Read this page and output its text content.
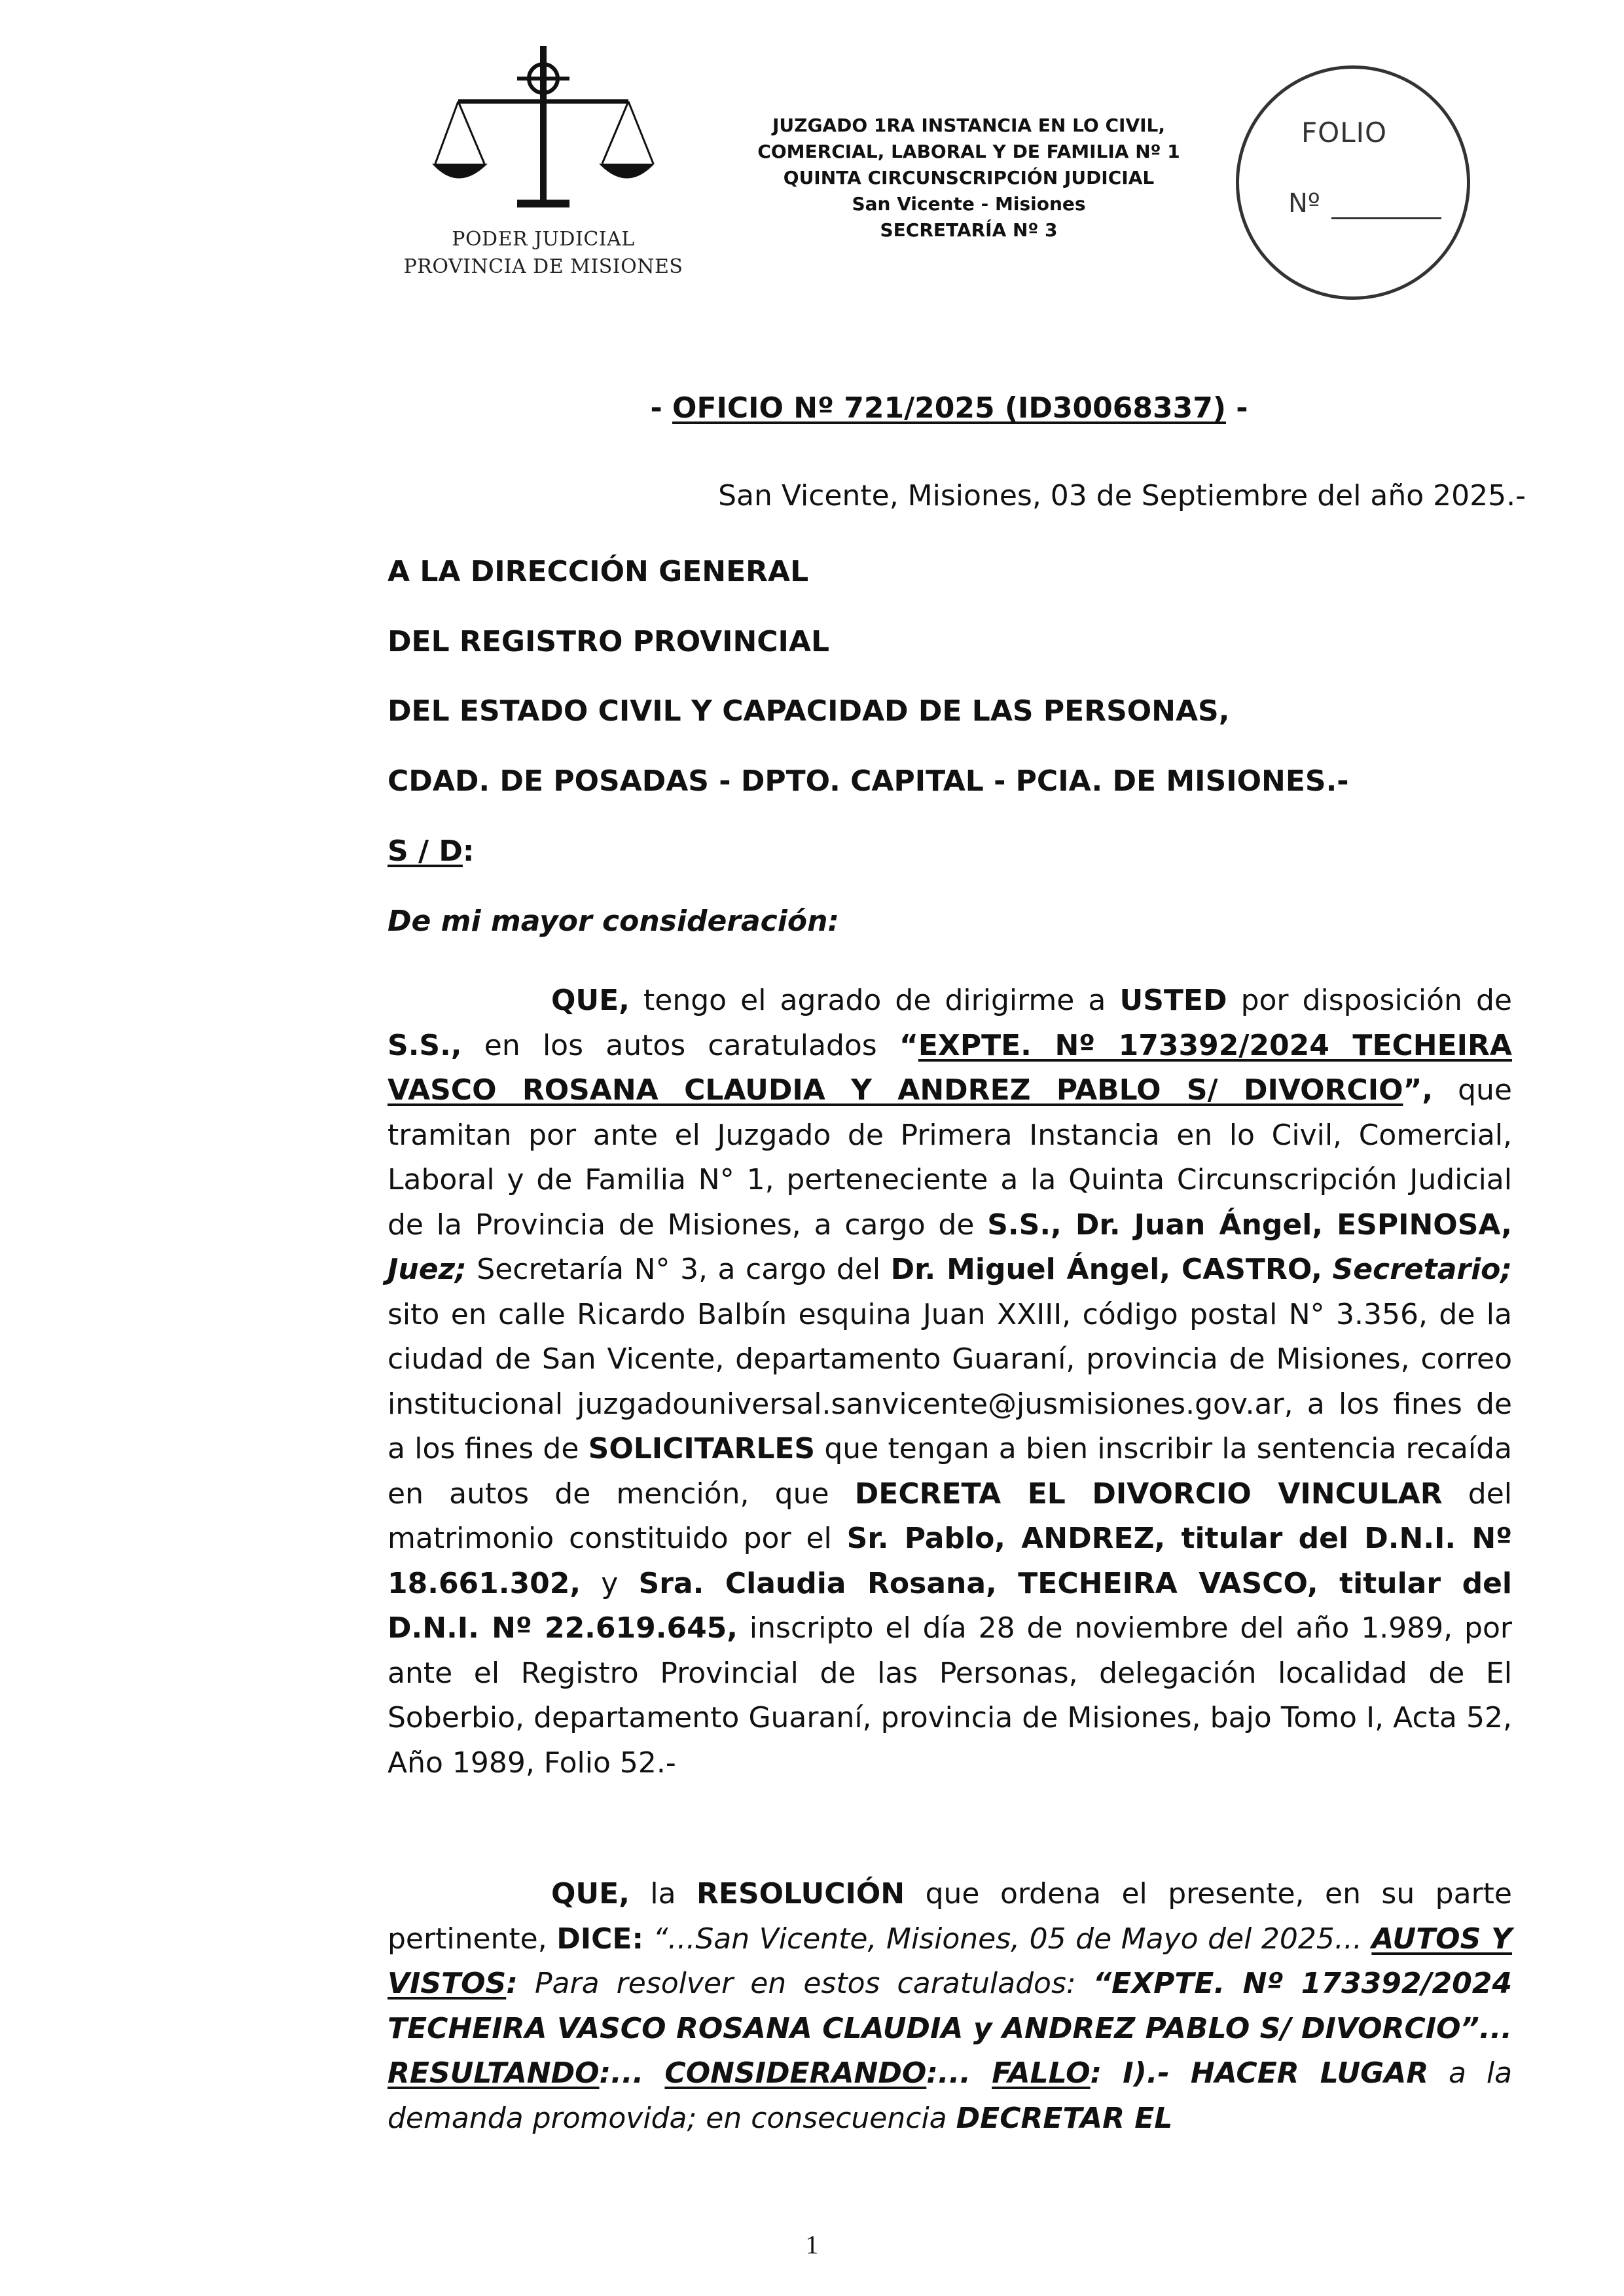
PODER JUDICIAL
PROVINCIA DE MISIONES
JUZGADO 1RA INSTANCIA EN LO CIVIL,
COMERCIAL, LABORAL Y DE FAMILIA Nº 1
QUINTA CIRCUNSCRIPCIÓN JUDICIAL
San Vicente - Misiones
SECRETARÍA Nº 3
FOLIO
Nº
- OFICIO Nº 721/2025 (ID30068337) -
San Vicente, Misiones, 03 de Septiembre del año 2025.-
A LA DIRECCIÓN GENERAL
DEL REGISTRO PROVINCIAL
DEL ESTADO CIVIL Y CAPACIDAD DE LAS PERSONAS,
CDAD. DE POSADAS - DPTO. CAPITAL - PCIA. DE MISIONES.-
S / D:
De mi mayor consideración:
QUE, tengo el agrado de dirigirme a USTED por disposición de S.S., en los autos caratulados “EXPTE. Nº 173392/2024 TECHEIRA VASCO ROSANA CLAUDIA Y ANDREZ PABLO S/ DIVORCIO”, que tramitan por ante el Juzgado de Primera Instancia en lo Civil, Comercial, Laboral y de Familia N° 1, perteneciente a la Quinta Circunscripción Judicial de la Provincia de Misiones, a cargo de S.S., Dr. Juan Ángel, ESPINOSA, Juez; Secretaría N° 3, a cargo del Dr. Miguel Ángel, CASTRO, Secretario; sito en calle Ricardo Balbín esquina Juan XXIII, código postal N° 3.356, de la ciudad de San Vicente, departamento Guaraní, provincia de Misiones, correo institucional juzgadouniversal.sanvicente@jusmisiones.gov.ar, a los fines de a los fines de SOLICITARLES que tengan a bien inscribir la sentencia recaída en autos de mención, que DECRETA EL DIVORCIO VINCULAR del matrimonio constituido por el Sr. Pablo, ANDREZ, titular del D.N.I. Nº 18.661.302, y Sra. Claudia Rosana, TECHEIRA VASCO, titular del D.N.I. Nº 22.619.645, inscripto el día 28 de noviembre del año 1.989, por ante el Registro Provincial de las Personas, delegación localidad de El Soberbio, departamento Guaraní, provincia de Misiones, bajo Tomo I, Acta 52, Año 1989, Folio 52.-
QUE, la RESOLUCIÓN que ordena el presente, en su parte pertinente, DICE: “...San Vicente, Misiones, 05 de Mayo del 2025... AUTOS Y VISTOS: Para resolver en estos caratulados: “EXPTE. Nº 173392/2024 TECHEIRA VASCO ROSANA CLAUDIA y ANDREZ PABLO S/ DIVORCIO”... RESULTANDO:... CONSIDERANDO:... FALLO: I).- HACER LUGAR a la demanda promovida; en consecuencia DECRETAR EL
1
